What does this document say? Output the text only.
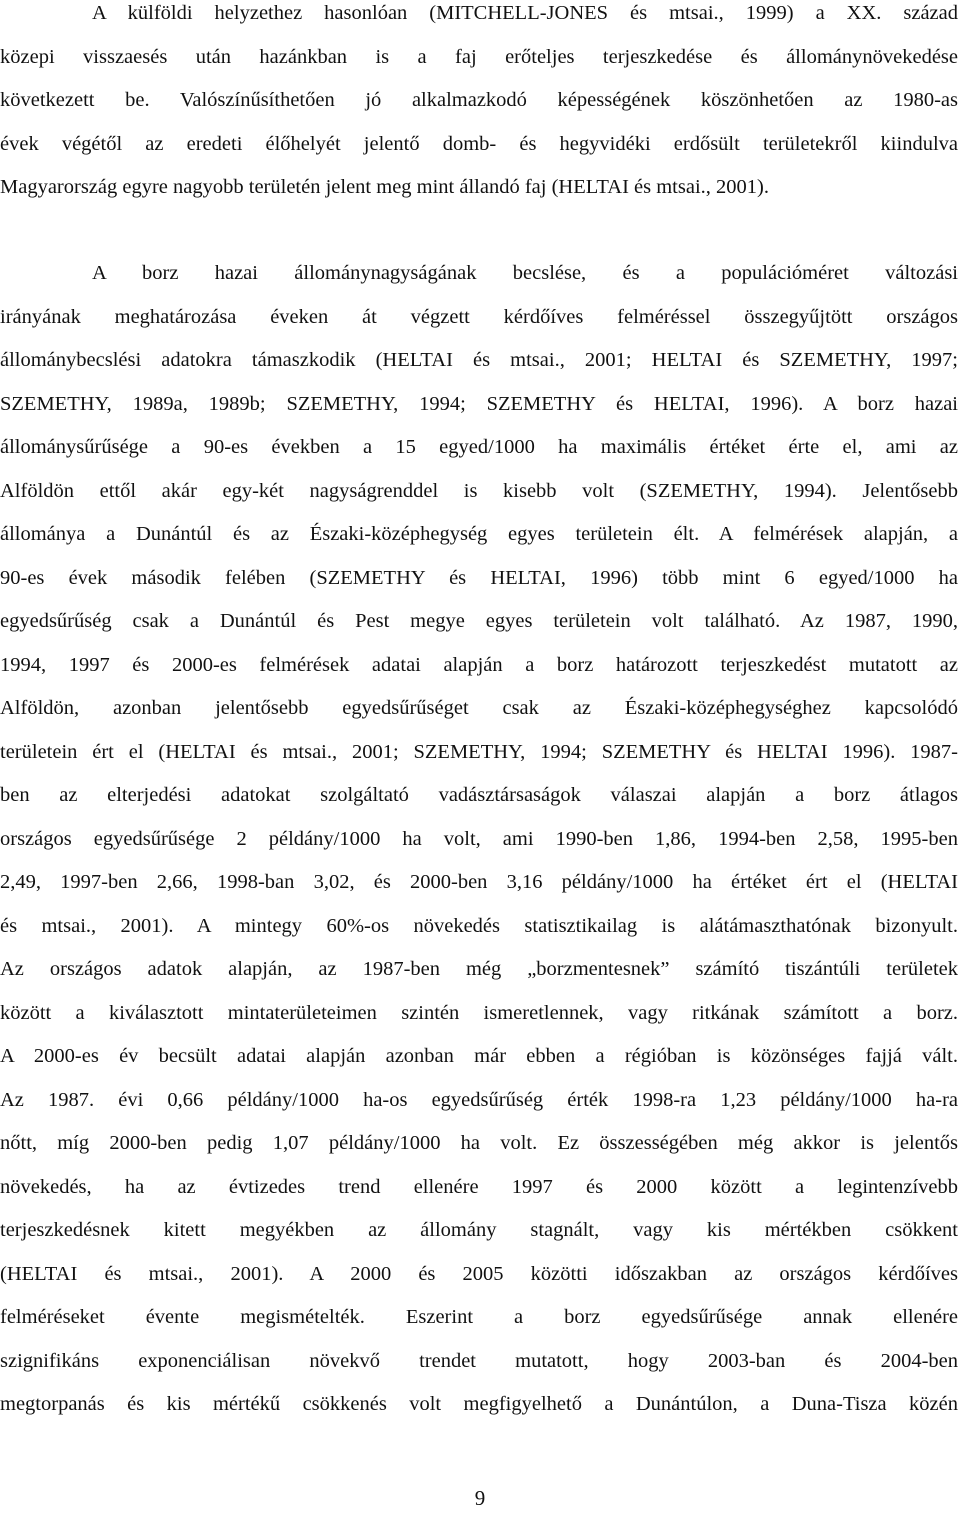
A külföldi helyzethez hasonlóan (MITCHELL-JONES és mtsai., 1999) a XX. század
közepi visszaesés után hazánkban is a faj erőteljes terjeszkedése és állománynövekedése
következett be. Valószínűsíthetően jó alkalmazkodó képességének köszönhetően az 1980-as
évek végétől az eredeti élőhelyét jelentő domb- és hegyvidéki erdősült területekről kiindulva
Magyarország egyre nagyobb területén jelent meg mint állandó faj (HELTAI és mtsai., 2001).
A borz hazai állománynagyságának becslése, és a populációméret változási
irányának meghatározása éveken át végzett kérdőíves felméréssel összegyűjtött országos
állománybecslési adatokra támaszkodik (HELTAI és mtsai., 2001; HELTAI és SZEMETHY, 1997;
SZEMETHY, 1989a, 1989b; SZEMETHY, 1994; SZEMETHY és HELTAI, 1996). A borz hazai
állománysűrűsége a 90-es években a 15 egyed/1000 ha maximális értéket érte el, ami az
Alföldön ettől akár egy-két nagyságrenddel is kisebb volt (SZEMETHY, 1994). Jelentősebb
állománya a Dunántúl és az Északi-középhegység egyes területein élt. A felmérések alapján, a
90-es évek második felében (SZEMETHY és HELTAI, 1996) több mint 6 egyed/1000 ha
egyedsűrűség csak a Dunántúl és Pest megye egyes területein volt található. Az 1987, 1990,
1994, 1997 és 2000-es felmérések adatai alapján a borz határozott terjeszkedést mutatott az
Alföldön, azonban jelentősebb egyedsűrűséget csak az Északi-középhegységhez kapcsolódó
területein ért el (HELTAI és mtsai., 2001; SZEMETHY, 1994; SZEMETHY és HELTAI 1996). 1987-
ben az elterjedési adatokat szolgáltató vadásztársaságok válaszai alapján a borz átlagos
országos egyedsűrűsége 2 példány/1000 ha volt, ami 1990-ben 1,86, 1994-ben 2,58, 1995-ben
2,49, 1997-ben 2,66, 1998-ban 3,02, és 2000-ben 3,16 példány/1000 ha értéket ért el (HELTAI
és mtsai., 2001). A mintegy 60%-os növekedés statisztikailag is alátámaszthatónak bizonyult.
Az országos adatok alapján, az 1987-ben még „borzmentesnek” számító tiszántúli területek
között a kiválasztott mintaterületeimen szintén ismeretlennek, vagy ritkának számított a borz.
A 2000-es év becsült adatai alapján azonban már ebben a régióban is közönséges fajjá vált.
Az 1987. évi 0,66 példány/1000 ha-os egyedsűrűség érték 1998-ra 1,23 példány/1000 ha-ra
nőtt, míg 2000-ben pedig 1,07 példány/1000 ha volt. Ez összességében még akkor is jelentős
növekedés, ha az évtizedes trend ellenére 1997 és 2000 között a legintenzívebb
terjeszkedésnek kitett megyékben az állomány stagnált, vagy kis mértékben csökkent
(HELTAI és mtsai., 2001). A 2000 és 2005 közötti időszakban az országos kérdőíves
felméréseket évente megismételték. Eszerint a borz egyedsűrűsége annak ellenére
szignifikáns exponenciálisan növekvő trendet mutatott, hogy 2003-ban és 2004-ben
megtorpanás és kis mértékű csökkenés volt megfigyelhető a Dunántúlon, a Duna-Tisza közén
9
